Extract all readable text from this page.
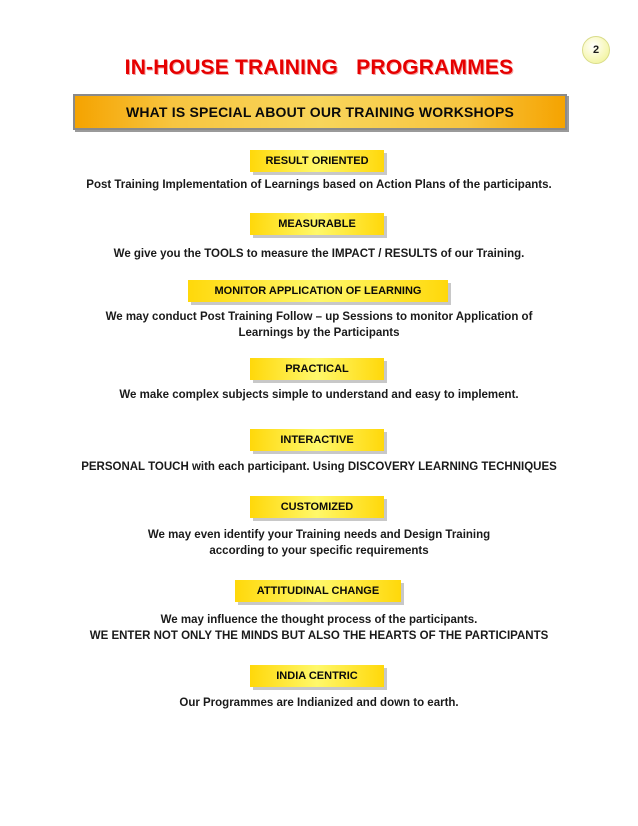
2
IN-HOUSE TRAINING   PROGRAMMES
WHAT IS SPECIAL ABOUT OUR TRAINING WORKSHOPS
RESULT ORIENTED
Post Training Implementation of Learnings based on Action Plans of the participants.
MEASURABLE
We give you the TOOLS to measure the IMPACT / RESULTS of our Training.
MONITOR APPLICATION OF LEARNING
We may conduct Post Training Follow – up Sessions to monitor Application of
Learnings by the Participants
PRACTICAL
We make complex subjects simple to understand and easy to implement.
INTERACTIVE
PERSONAL TOUCH with each participant. Using DISCOVERY LEARNING TECHNIQUES
CUSTOMIZED
We may even identify your Training needs and Design Training
according to your specific requirements
ATTITUDINAL CHANGE
We may influence the thought process of the participants.
WE ENTER NOT ONLY THE MINDS BUT ALSO THE HEARTS OF THE PARTICIPANTS
INDIA CENTRIC
Our Programmes are Indianized and down to earth.
